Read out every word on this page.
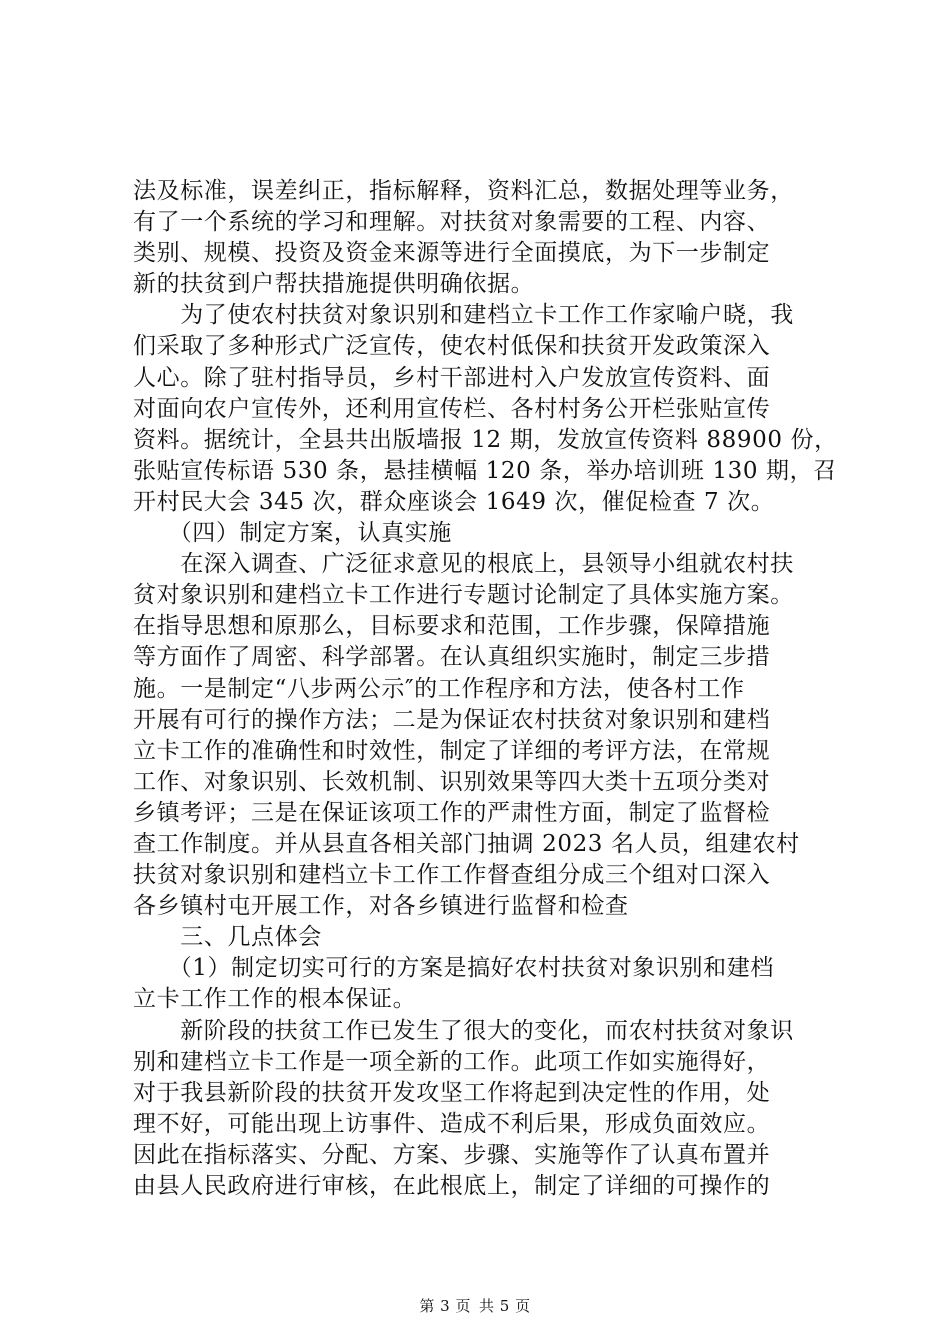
法及标准，误差纠正，指标解释，资料汇总，数据处理等业务，
有了一个系统的学习和理解。对扶贫对象需要的工程、内容、
类别、规模、投资及资金来源等进行全面摸底，为下一步制定
新的扶贫到户帮扶措施提供明确依据。
　　为了使农村扶贫对象识别和建档立卡工作工作家喻户晓，我
们采取了多种形式广泛宣传，使农村低保和扶贫开发政策深入
人心。除了驻村指导员，乡村干部进村入户发放宣传资料、面
对面向农户宣传外，还利用宣传栏、各村村务公开栏张贴宣传
资料。据统计，全县共出版墙报 12 期，发放宣传资料 88900 份，
张贴宣传标语 530 条，悬挂横幅 120 条，举办培训班 130 期，召
开村民大会 345 次，群众座谈会 1649 次，催促检查 7 次。
　　（四）制定方案，认真实施
　　在深入调查、广泛征求意见的根底上，县领导小组就农村扶
贫对象识别和建档立卡工作进行专题讨论制定了具体实施方案。
在指导思想和原那么，目标要求和范围，工作步骤，保障措施
等方面作了周密、科学部署。在认真组织实施时，制定三步措
施。一是制定“八步两公示″的工作程序和方法，使各村工作
开展有可行的操作方法；二是为保证农村扶贫对象识别和建档
立卡工作的准确性和时效性，制定了详细的考评方法，在常规
工作、对象识别、长效机制、识别效果等四大类十五项分类对
乡镇考评；三是在保证该项工作的严肃性方面，制定了监督检
查工作制度。并从县直各相关部门抽调 2023 名人员，组建农村
扶贫对象识别和建档立卡工作工作督查组分成三个组对口深入
各乡镇村屯开展工作，对各乡镇进行监督和检查
　　三、几点体会
　　（1）制定切实可行的方案是搞好农村扶贫对象识别和建档
立卡工作工作的根本保证。
　　新阶段的扶贫工作已发生了很大的变化，而农村扶贫对象识
别和建档立卡工作是一项全新的工作。此项工作如实施得好，
对于我县新阶段的扶贫开发攻坚工作将起到决定性的作用，处
理不好，可能出现上访事件、造成不利后果，形成负面效应。
因此在指标落实、分配、方案、步骤、实施等作了认真布置并
由县人民政府进行审核，在此根底上，制定了详细的可操作的
第 3 页 共 5 页
